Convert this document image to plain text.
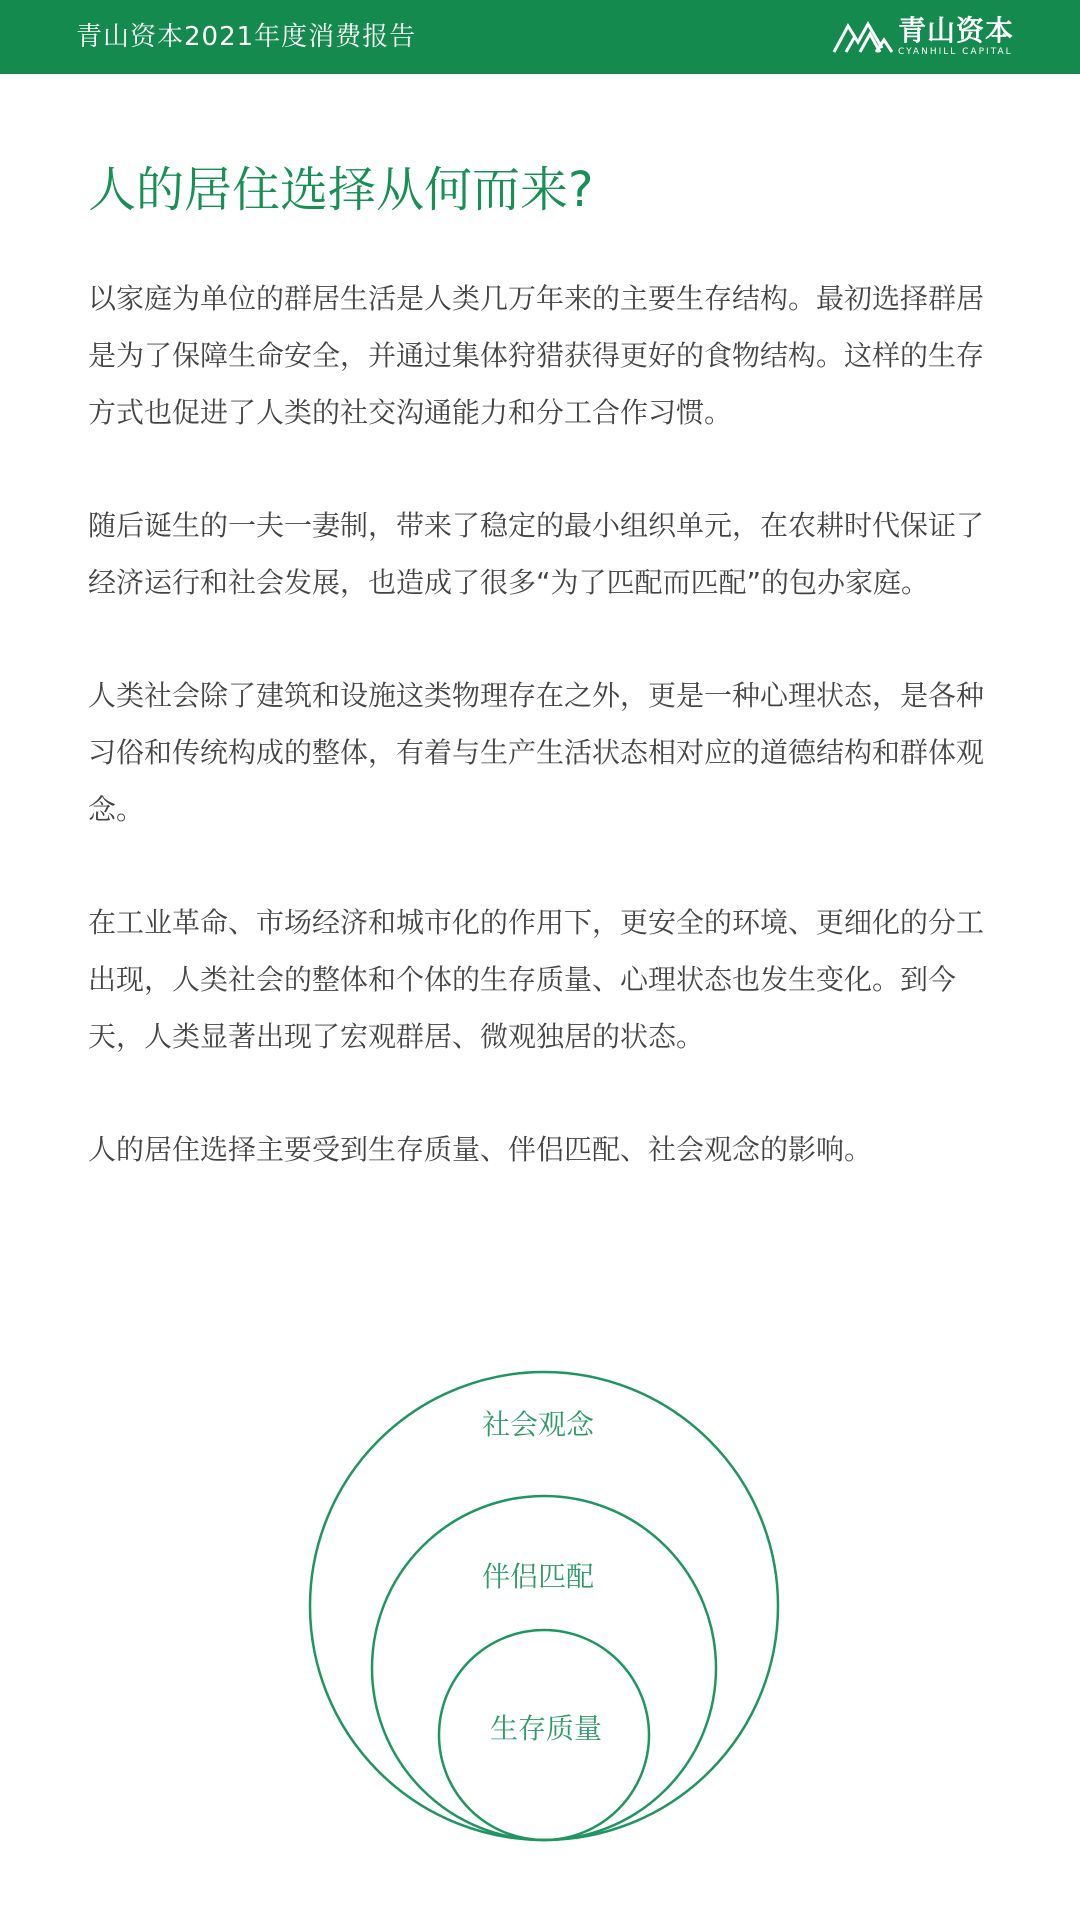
青山资本2021年度消费报告	青山资本
CYANHILL CAPITAL
人的居住选择从何而来?

以家庭为单位的群居生活是人类几万年来的主要生存结构。最初选择群居是为了保障生命安全，并通过集体狩猎获得更好的食物结构。这样的生存方式也促进了人类的社交沟通能力和分工合作习惯。

随后诞生的一夫一妻制，带来了稳定的最小组织单元，在农耕时代保证了经济运行和社会发展，也造成了很多“为了匹配而匹配”的包办家庭。

人类社会除了建筑和设施这类物理存在之外，更是一种心理状态，是各种习俗和传统构成的整体，有着与生产生活状态相对应的道德结构和群体观念。

在工业革命、市场经济和城市化的作用下，更安全的环境、更细化的分工出现，人类社会的整体和个体的生存质量、心理状态也发生变化。到今天，人类显著出现了宏观群居、微观独居的状态。

人的居住选择主要受到生存质量、伴侣匹配、社会观念的影响。

社会观念
伴侣匹配
生存质量
